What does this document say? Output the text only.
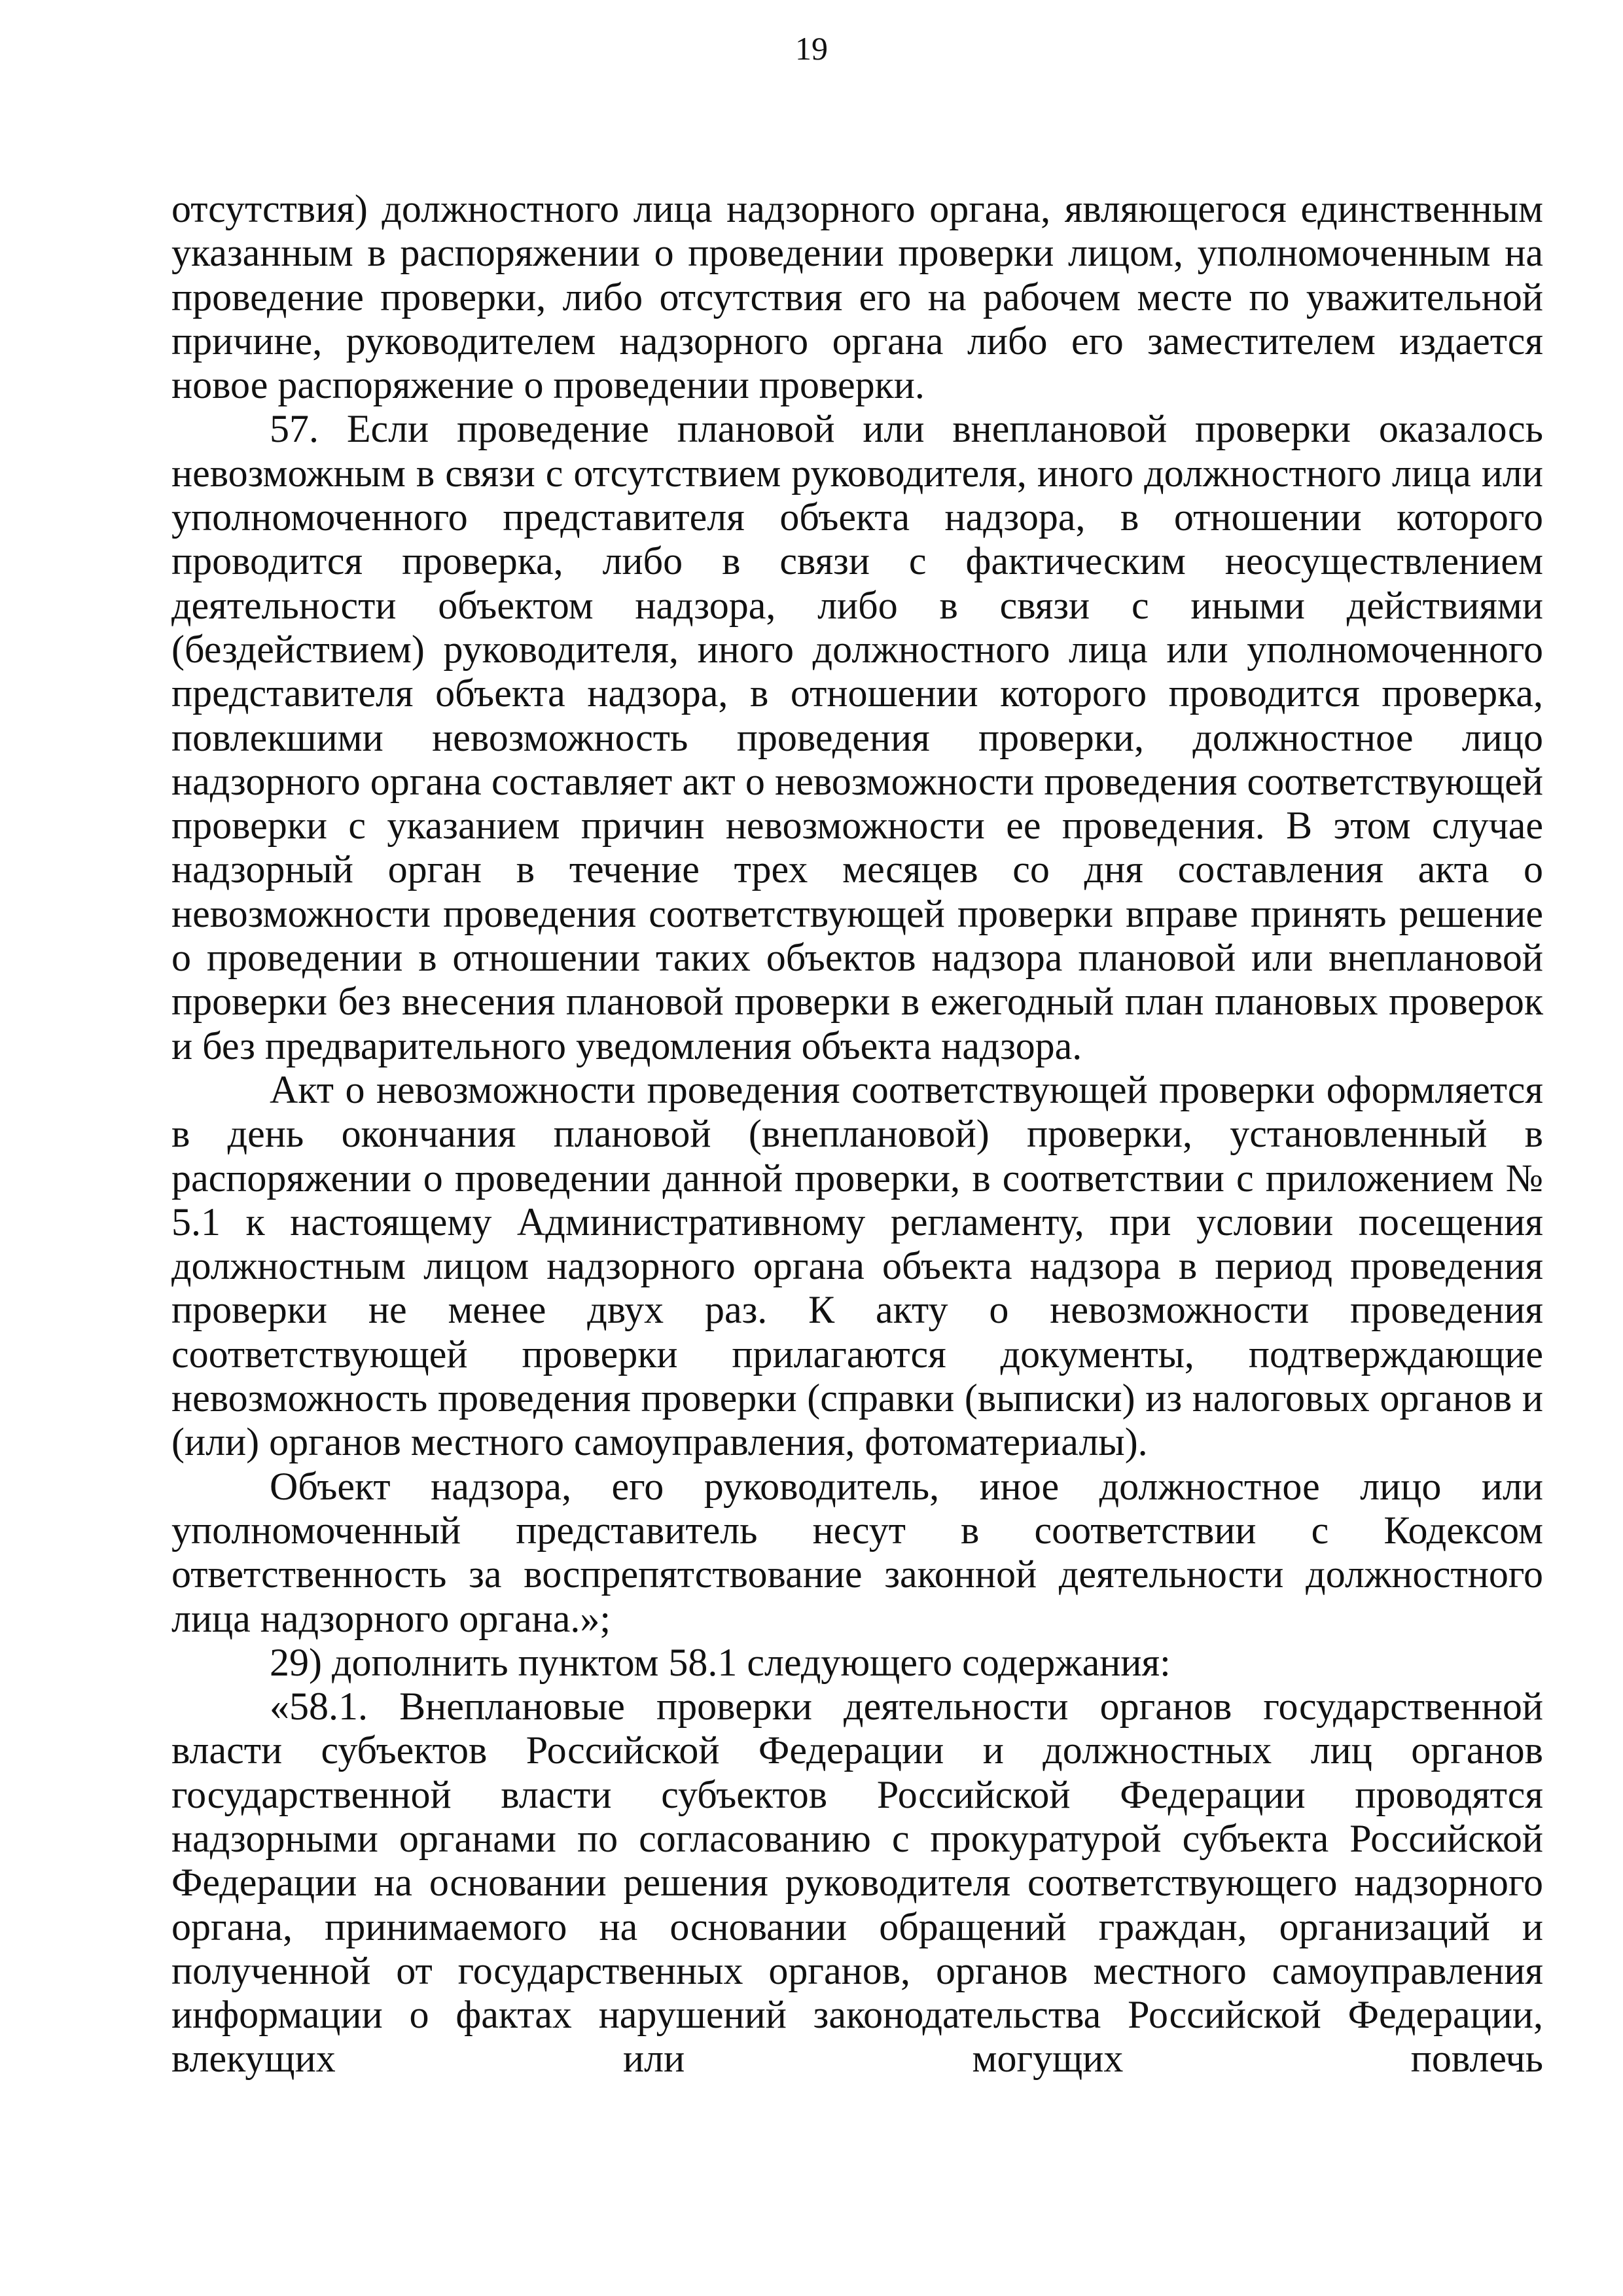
19

отсутствия) должностного лица надзорного органа, являющегося единственным указанным в распоряжении о проведении проверки лицом, уполномоченным на проведение проверки, либо отсутствия его на рабочем месте по уважительной причине, руководителем надзорного органа либо его заместителем издается новое распоряжение о проведении проверки.

57. Если проведение плановой или внеплановой проверки оказалось невозможным в связи с отсутствием руководителя, иного должностного лица или уполномоченного представителя объекта надзора, в отношении которого проводится проверка, либо в связи с фактическим неосуществлением деятельности объектом надзора, либо в связи с иными действиями (бездействием) руководителя, иного должностного лица или уполномоченного представителя объекта надзора, в отношении которого проводится проверка, повлекшими невозможность проведения проверки, должностное лицо надзорного органа составляет акт о невозможности проведения соответствующей проверки с указанием причин невозможности ее проведения. В этом случае надзорный орган в течение трех месяцев со дня составления акта о невозможности проведения соответствующей проверки вправе принять решение о проведении в отношении таких объектов надзора плановой или внеплановой проверки без внесения плановой проверки в ежегодный план плановых проверок и без предварительного уведомления объекта надзора.

Акт о невозможности проведения соответствующей проверки оформляется в день окончания плановой (внеплановой) проверки, установленный в распоряжении о проведении данной проверки, в соответствии с приложением № 5.1 к настоящему Административному регламенту, при условии посещения должностным лицом надзорного органа объекта надзора в период проведения проверки не менее двух раз. К акту о невозможности проведения соответствующей проверки прилагаются документы, подтверждающие невозможность проведения проверки (справки (выписки) из налоговых органов и (или) органов местного самоуправления, фотоматериалы).

Объект надзора, его руководитель, иное должностное лицо или уполномоченный представитель несут в соответствии с Кодексом ответственность за воспрепятствование законной деятельности должностного лица надзорного органа.»;

29) дополнить пунктом 58.1 следующего содержания:

«58.1. Внеплановые проверки деятельности органов государственной власти субъектов Российской Федерации и должностных лиц органов государственной власти субъектов Российской Федерации проводятся надзорными органами по согласованию с прокуратурой субъекта Российской Федерации на основании решения руководителя соответствующего надзорного органа, принимаемого на основании обращений граждан, организаций и полученной от государственных органов, органов местного самоуправления информации о фактах нарушений законодательства Российской Федерации, влекущих или могущих повлечь
